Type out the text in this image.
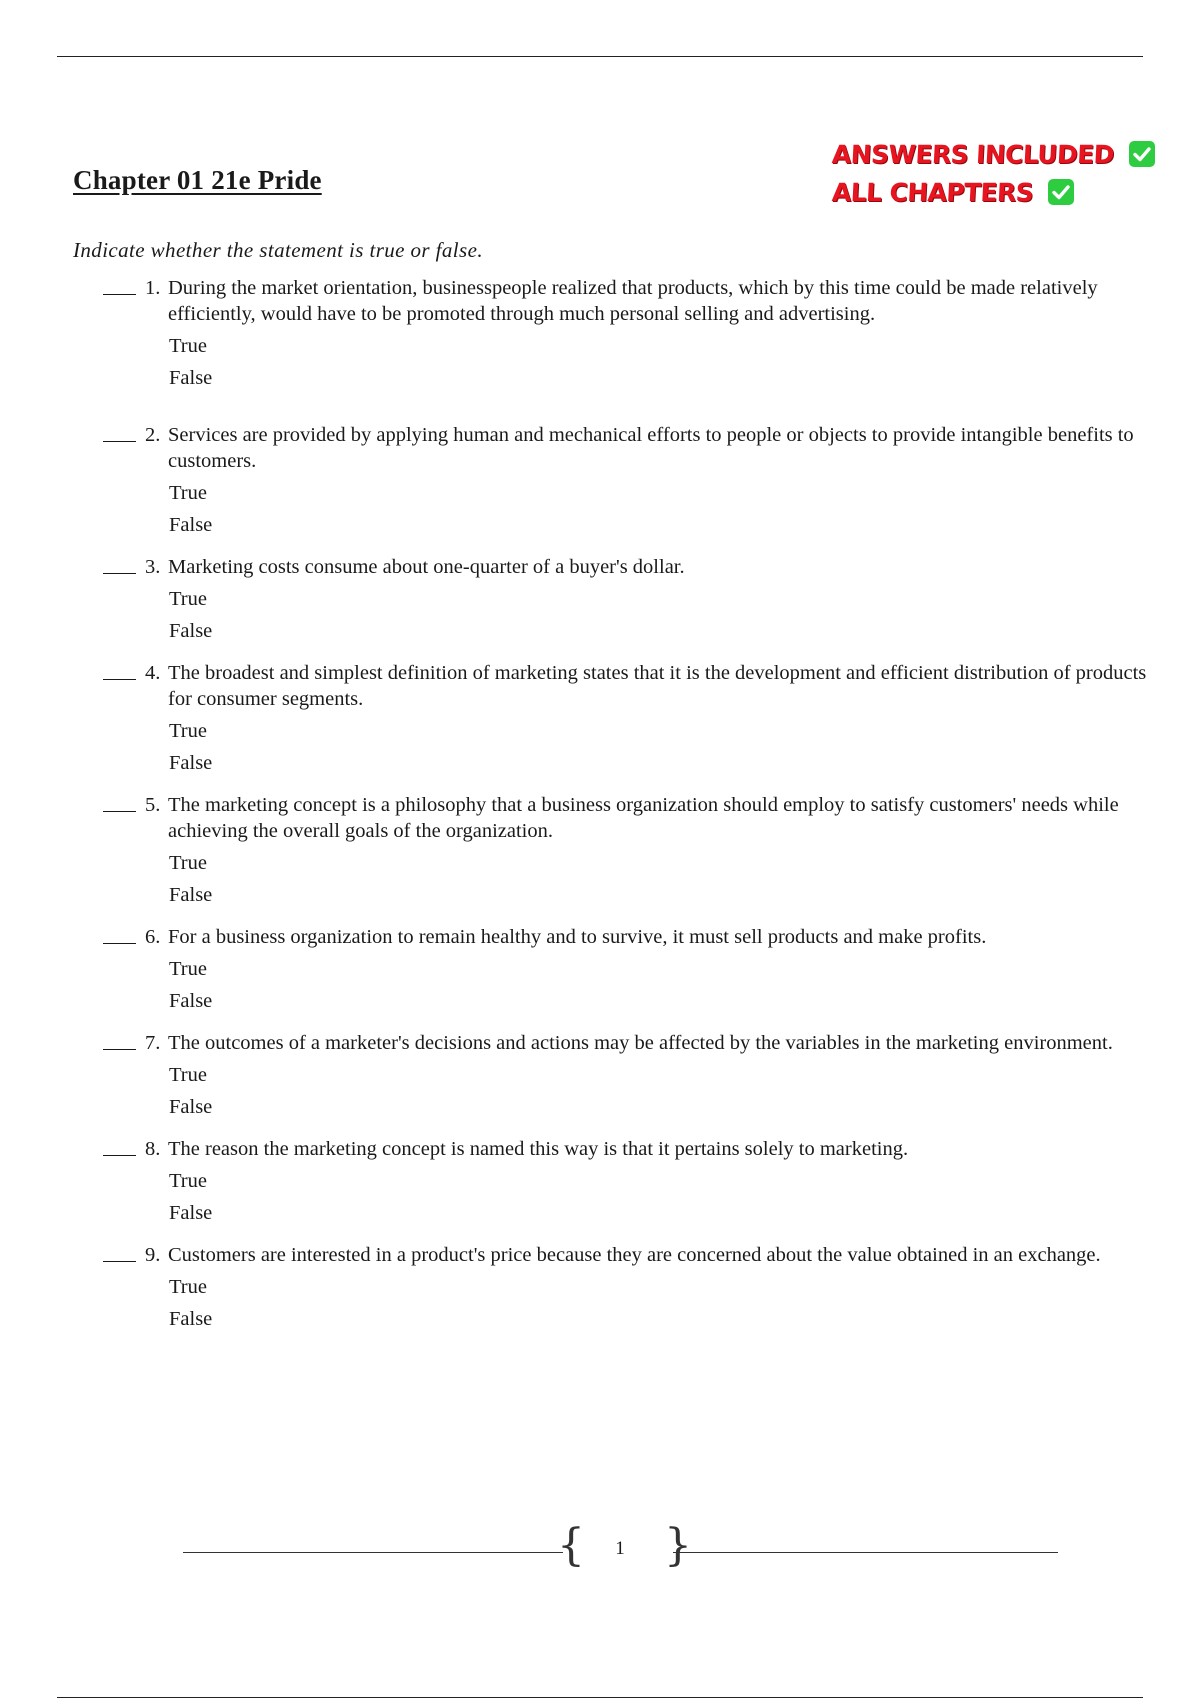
Chapter 01 21e Pride
ANSWERS INCLUDED
ALL CHAPTERS
Indicate whether the statement is true or false.
1. During the market orientation, businesspeople realized that products, which by this time could be made relatively efficiently, would have to be promoted through much personal selling and advertising.
True
False
2. Services are provided by applying human and mechanical efforts to people or objects to provide intangible benefits to customers.
True
False
3. Marketing costs consume about one-quarter of a buyer's dollar.
True
False
4. The broadest and simplest definition of marketing states that it is the development and efficient distribution of products for consumer segments.
True
False
5. The marketing concept is a philosophy that a business organization should employ to satisfy customers' needs while achieving the overall goals of the organization.
True
False
6. For a business organization to remain healthy and to survive, it must sell products and make profits.
True
False
7. The outcomes of a marketer's decisions and actions may be affected by the variables in the marketing environment.
True
False
8. The reason the marketing concept is named this way is that it pertains solely to marketing.
True
False
9. Customers are interested in a product's price because they are concerned about the value obtained in an exchange.
True
False
{	1 }
